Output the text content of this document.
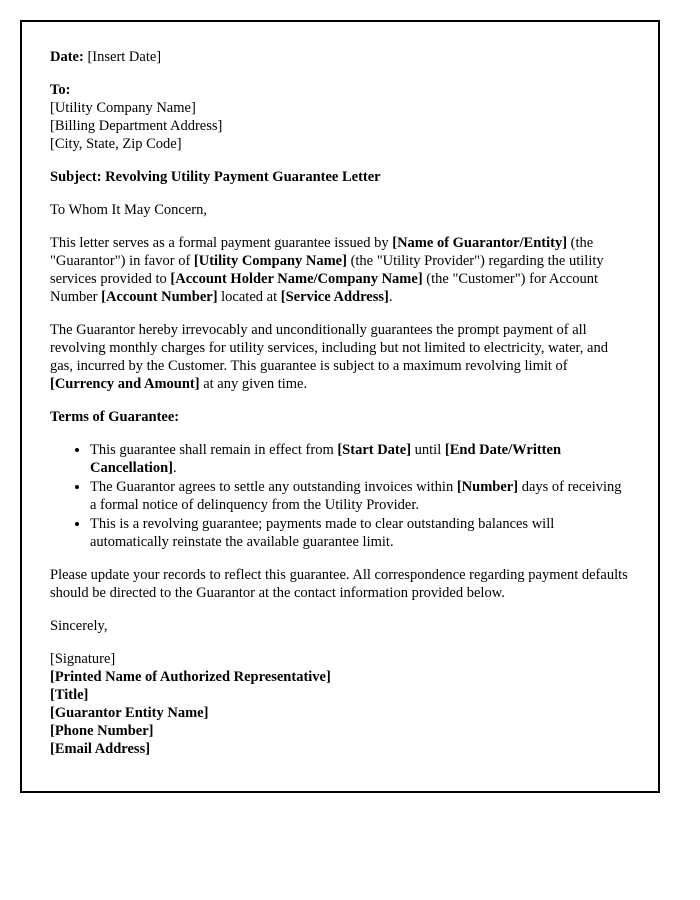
Date: [Insert Date]

To:
[Utility Company Name]
[Billing Department Address]
[City, State, Zip Code]

Subject: Revolving Utility Payment Guarantee Letter

To Whom It May Concern,

This letter serves as a formal payment guarantee issued by [Name of Guarantor/Entity] (the "Guarantor") in favor of [Utility Company Name] (the "Utility Provider") regarding the utility services provided to [Account Holder Name/Company Name] (the "Customer") for Account Number [Account Number] located at [Service Address].

The Guarantor hereby irrevocably and unconditionally guarantees the prompt payment of all revolving monthly charges for utility services, including but not limited to electricity, water, and gas, incurred by the Customer. This guarantee is subject to a maximum revolving limit of [Currency and Amount] at any given time.

Terms of Guarantee:

• This guarantee shall remain in effect from [Start Date] until [End Date/Written Cancellation].
• The Guarantor agrees to settle any outstanding invoices within [Number] days of receiving a formal notice of delinquency from the Utility Provider.
• This is a revolving guarantee; payments made to clear outstanding balances will automatically reinstate the available guarantee limit.

Please update your records to reflect this guarantee. All correspondence regarding payment defaults should be directed to the Guarantor at the contact information provided below.

Sincerely,

[Signature]
[Printed Name of Authorized Representative]
[Title]
[Guarantor Entity Name]
[Phone Number]
[Email Address]
